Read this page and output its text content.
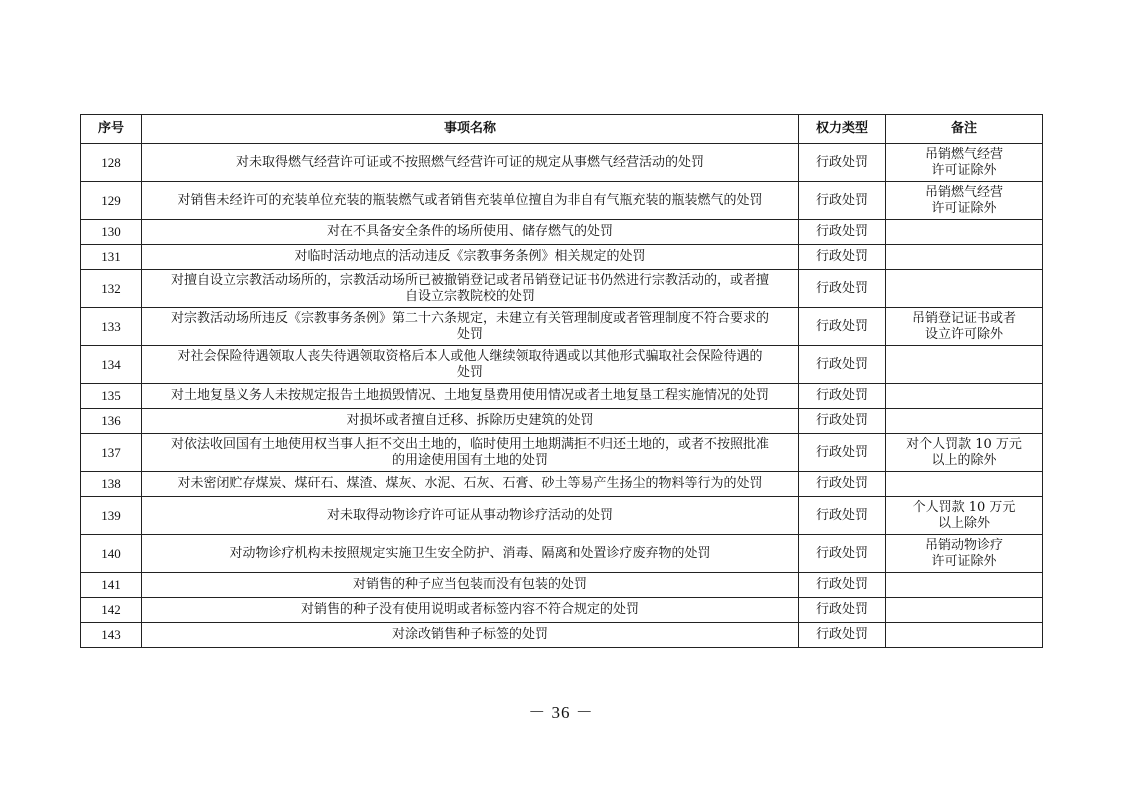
序号	事项名称	权力类型	备注
128	对未取得燃气经营许可证或不按照燃气经营许可证的规定从事燃气经营活动的处罚	行政处罚	吊销燃气经营
许可证除外
129	对销售未经许可的充装单位充装的瓶装燃气或者销售充装单位擅自为非自有气瓶充装的瓶装燃气的处罚	行政处罚	吊销燃气经营
许可证除外
130	对在不具备安全条件的场所使用、储存燃气的处罚	行政处罚	
131	对临时活动地点的活动违反《宗教事务条例》相关规定的处罚	行政处罚	
132	对擅自设立宗教活动场所的，宗教活动场所已被撤销登记或者吊销登记证书仍然进行宗教活动的，或者擅
自设立宗教院校的处罚	行政处罚	
133	对宗教活动场所违反《宗教事务条例》第二十六条规定，未建立有关管理制度或者管理制度不符合要求的
处罚	行政处罚	吊销登记证书或者
设立许可除外
134	对社会保险待遇领取人丧失待遇领取资格后本人或他人继续领取待遇或以其他形式骗取社会保险待遇的
处罚	行政处罚	
135	对土地复垦义务人未按规定报告土地损毁情况、土地复垦费用使用情况或者土地复垦工程实施情况的处罚	行政处罚	
136	对损坏或者擅自迁移、拆除历史建筑的处罚	行政处罚	
137	对依法收回国有土地使用权当事人拒不交出土地的，临时使用土地期满拒不归还土地的，或者不按照批准
的用途使用国有土地的处罚	行政处罚	对个人罚款 10 万元
以上的除外
138	对未密闭贮存煤炭、煤矸石、煤渣、煤灰、水泥、石灰、石膏、砂土等易产生扬尘的物料等行为的处罚	行政处罚	
139	对未取得动物诊疗许可证从事动物诊疗活动的处罚	行政处罚	个人罚款 10 万元
以上除外
140	对动物诊疗机构未按照规定实施卫生安全防护、消毒、隔离和处置诊疗废弃物的处罚	行政处罚	吊销动物诊疗
许可证除外
141	对销售的种子应当包装而没有包装的处罚	行政处罚	
142	对销售的种子没有使用说明或者标签内容不符合规定的处罚	行政处罚	
143	对涂改销售种子标签的处罚	行政处罚	
－ 36 －
